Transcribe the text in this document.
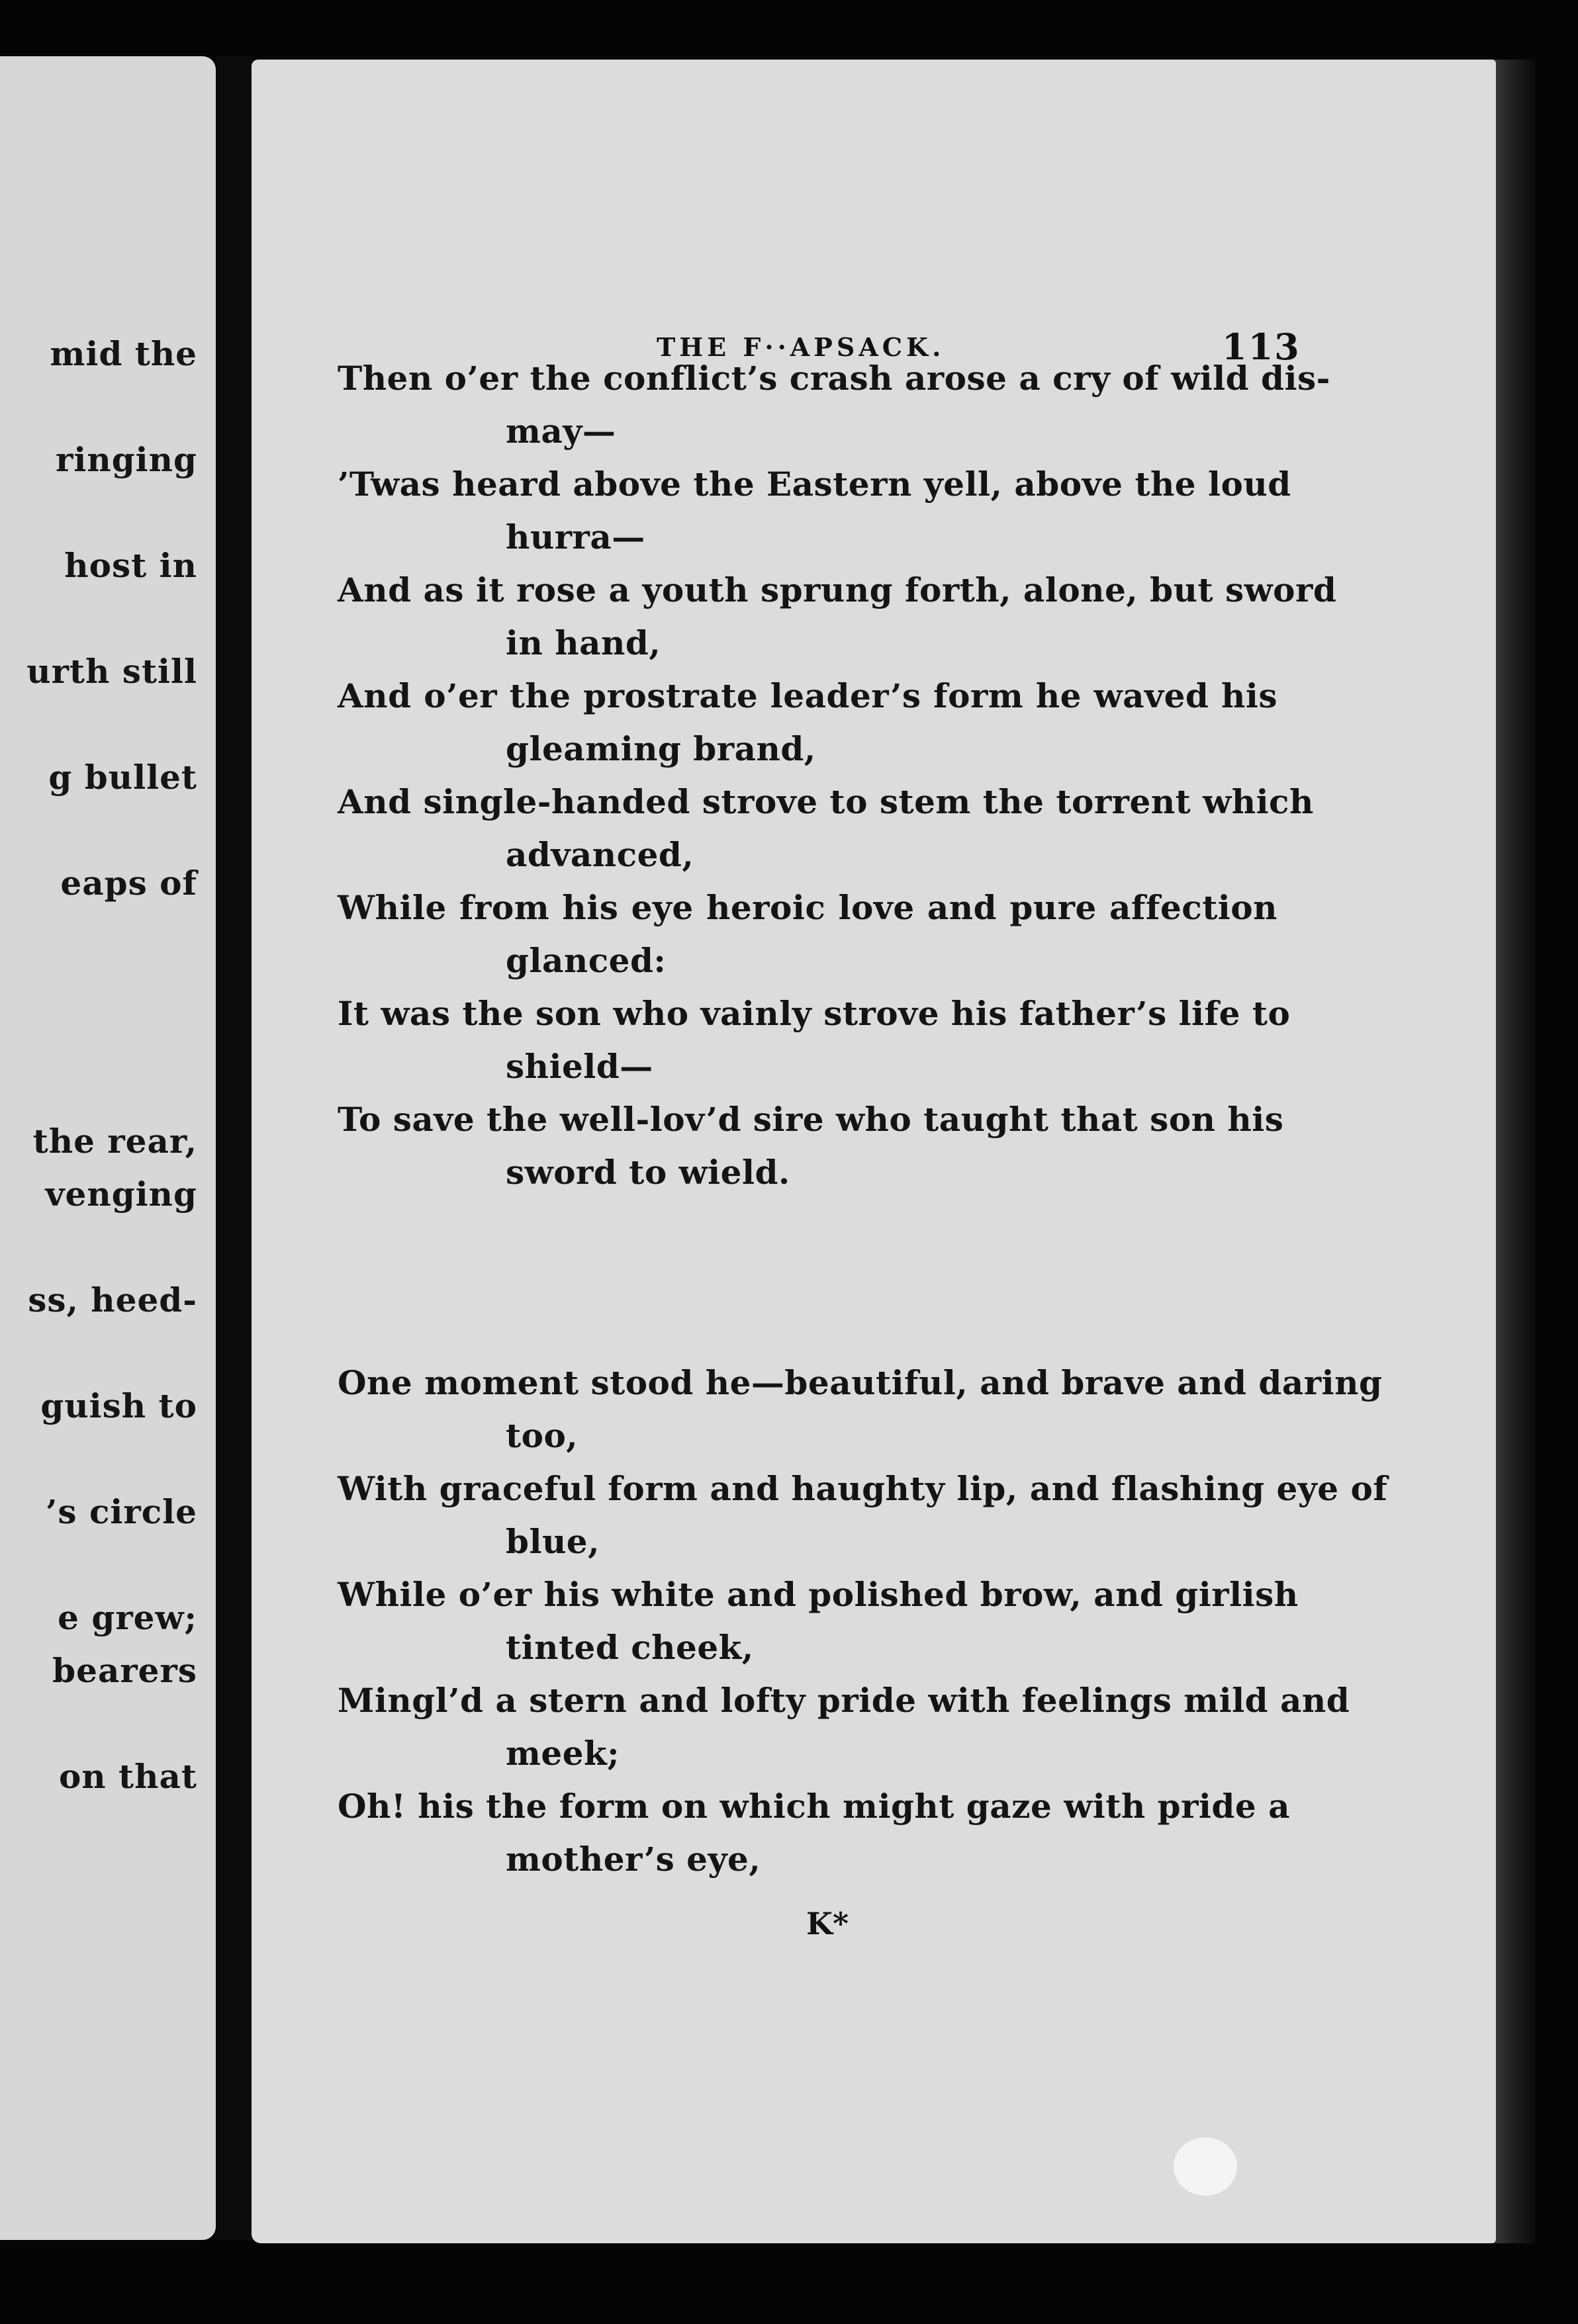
mid the
ringing
host in
urth still
g bullet
eaps of
the rear,
venging
ss, heed-
guish to
’s circle
e grew;
bearers
on that
THE F··APSACK.	113
Then o’er the conflict’s crash arose a cry of wild dis-
may—
’Twas heard above the Eastern yell, above the loud
hurra—
And as it rose a youth sprung forth, alone, but sword
in hand,
And o’er the prostrate leader’s form he waved his
gleaming brand,
And single-handed strove to stem the torrent which
advanced,
While from his eye heroic love and pure affection
glanced:
It was the son who vainly strove his father’s life to
shield—
To save the well-lov’d sire who taught that son his
sword to wield.
One moment stood he—beautiful, and brave and daring
too,
With graceful form and haughty lip, and flashing eye of
blue,
While o’er his white and polished brow, and girlish
tinted cheek,
Mingl’d a stern and lofty pride with feelings mild and
meek;
Oh! his the form on which might gaze with pride a
mother’s eye,
K*
